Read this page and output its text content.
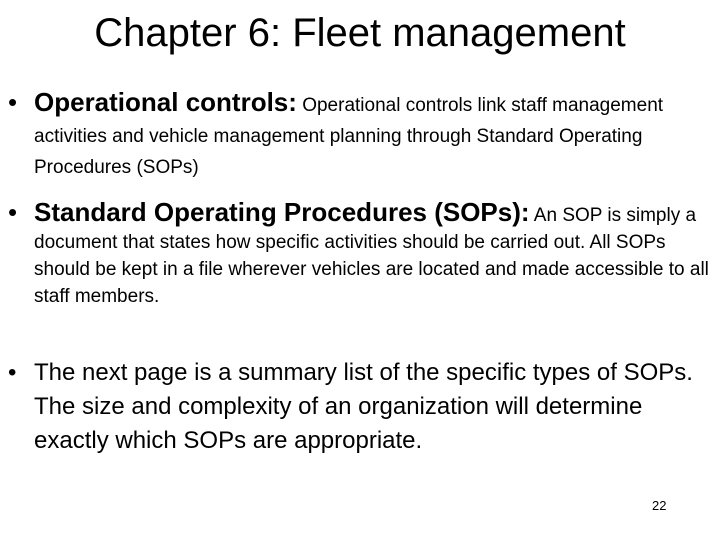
Chapter 6: Fleet management
• Operational controls: Operational controls link staff management activities and vehicle management planning through Standard Operating Procedures (SOPs)
• Standard Operating Procedures (SOPs): An SOP is simply a document that states how specific activities should be carried out. All SOPs should be kept in a file wherever vehicles are located and made accessible to all staff members.
• The next page is a summary list of the specific types of SOPs. The size and complexity of an organization will determine exactly which SOPs are appropriate.
22
